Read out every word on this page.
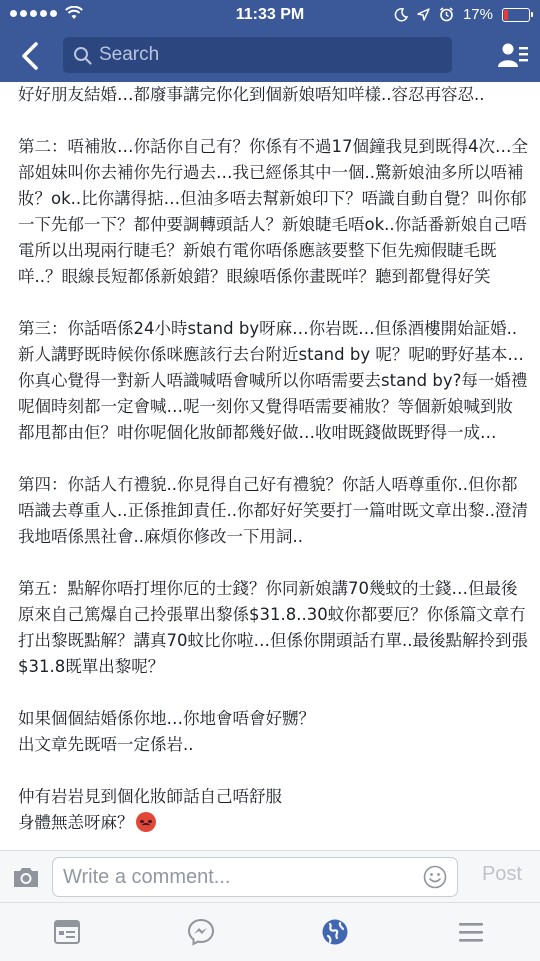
11:33 PM	17%
Search

好好朋友結婚…都廢事講完你化到個新娘唔知咩樣..容忍再容忍..

第二：唔補妝…你話你自己有？你係有不過17個鐘我見到既得4次…全部姐妹叫你去補你先行過去…我已經係其中一個..驚新娘油多所以唔補妝？ok..比你講得掂…但油多唔去幫新娘印下？唔識自動自覺？叫你郁一下先郁一下？都仲要調轉頭話人？新娘睫毛唔ok..你話番新娘自己唔電所以出現兩行睫毛？新娘冇電你唔係應該要整下佢先痴假睫毛既咩..？眼線長短都係新娘錯？眼線唔係你畫既咩？聽到都覺得好笑

第三：你話唔係24小時stand by呀麻…你岩既…但係酒樓開始証婚..新人講野既時候你係咪應該行去台附近stand by 呢？呢啲野好基本…你真心覺得一對新人唔識喊唔會喊所以你唔需要去stand by?每一婚禮呢個時刻都一定會喊…呢一刻你又覺得唔需要補妝？等個新娘喊到妝都甩都由佢？咁你呢個化妝師都幾好做…收咁既錢做既野得一成…

第四：你話人冇禮貌..你見得自己好有禮貌？你話人唔尊重你..但你都唔識去尊重人..正係推卸責任..你都好好笑要打一篇咁既文章出黎..澄清我地唔係黑社會..麻煩你修改一下用詞..

第五：點解你唔打埋你厄的士錢？你同新娘講70幾蚊的士錢…但最後原來自己篤爆自己拎張單出黎係$31.8..30蚊你都要厄？你係篇文章冇打出黎既點解？講真70蚊比你啦…但係你開頭話冇單..最後點解拎到張$31.8既單出黎呢？

如果個個結婚係你地…你地會唔會好嬲？
出文章先既唔一定係岩..

仲有岩岩見到個化妝師話自己唔舒服

身體無恙呀麻？

Write a comment...
Post
